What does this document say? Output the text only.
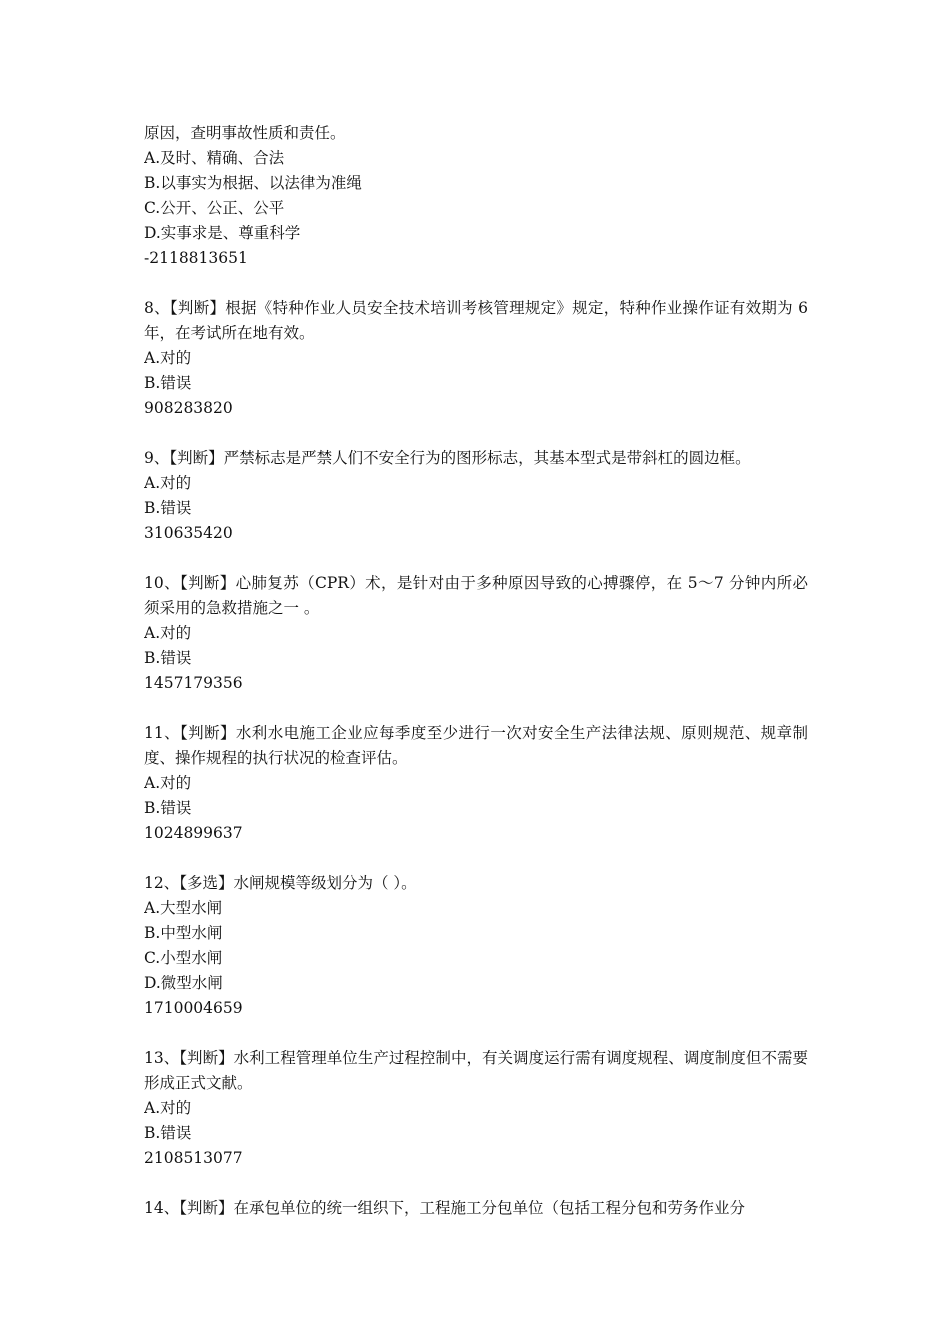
原因，查明事故性质和责任。
A.及时、精确、合法
B.以事实为根据、以法律为准绳
C.公开、公正、公平
D.实事求是、尊重科学
-2118813651
8、【判断】根据《特种作业人员安全技术培训考核管理规定》规定，特种作业操作证有效期为 6 年，在考试所在地有效。
A.对的
B.错误
908283820
9、【判断】严禁标志是严禁人们不安全行为的图形标志，其基本型式是带斜杠的圆边框。
A.对的
B.错误
310635420
10、【判断】心肺复苏（CPR）术，是针对由于多种原因导致的心搏骤停，在 5～7 分钟内所必须采用的急救措施之一 。
A.对的
B.错误
1457179356
11、【判断】水利水电施工企业应每季度至少进行一次对安全生产法律法规、原则规范、规章制度、操作规程的执行状况的检查评估。
A.对的
B.错误
1024899637
12、【多选】水闸规模等级划分为（ ）。
A.大型水闸
B.中型水闸
C.小型水闸
D.微型水闸
1710004659
13、【判断】水利工程管理单位生产过程控制中，有关调度运行需有调度规程、调度制度但不需要形成正式文献。
A.对的
B.错误
2108513077
14、【判断】在承包单位的统一组织下，工程施工分包单位（包括工程分包和劳务作业分
